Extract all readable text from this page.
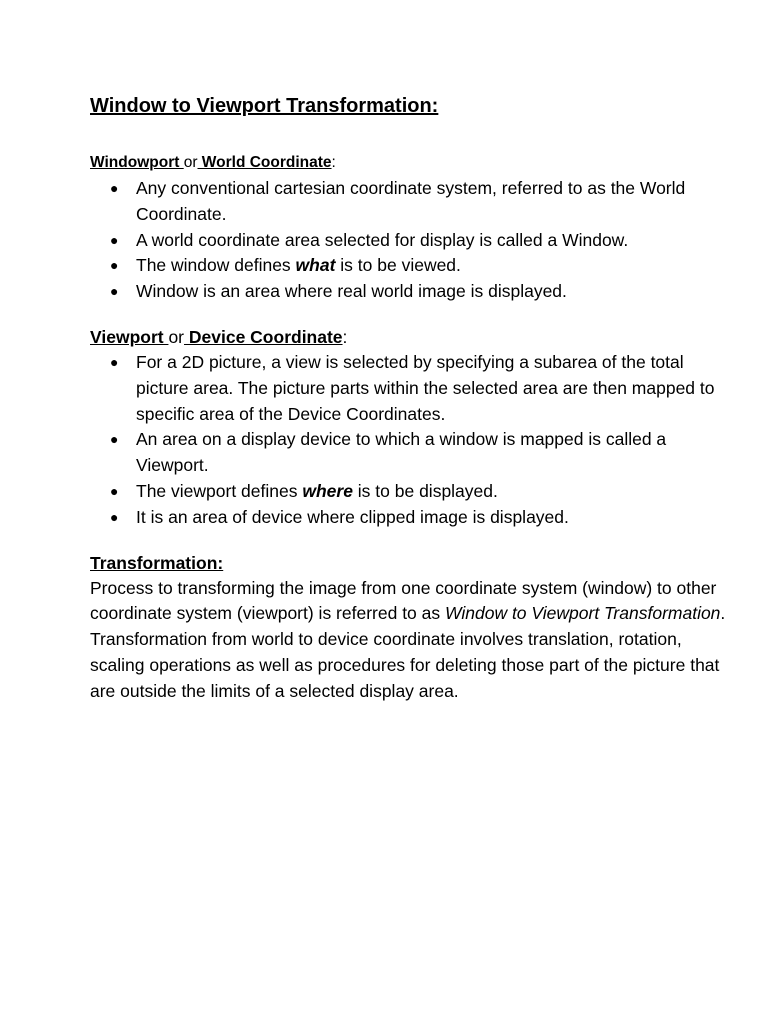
Window to Viewport Transformation:
Windowport or World Coordinate:
● Any conventional cartesian coordinate system, referred to as the World Coordinate.
● A world coordinate area selected for display is called a Window.
● The window defines what is to be viewed.
● Window is an area where real world image is displayed.
Viewport or Device Coordinate:
● For a 2D picture, a view is selected by specifying a subarea of the total picture area. The picture parts within the selected area are then mapped to specific area of the Device Coordinates.
● An area on a display device to which a window is mapped is called a Viewport.
● The viewport defines where is to be displayed.
● It is an area of device where clipped image is displayed.
Transformation:

Process to transforming the image from one coordinate system (window) to other coordinate system (viewport) is referred to as Window to Viewport Transformation.

Transformation from world to device coordinate involves translation, rotation, scaling operations as well as procedures for deleting those part of the picture that are outside the limits of a selected display area.
